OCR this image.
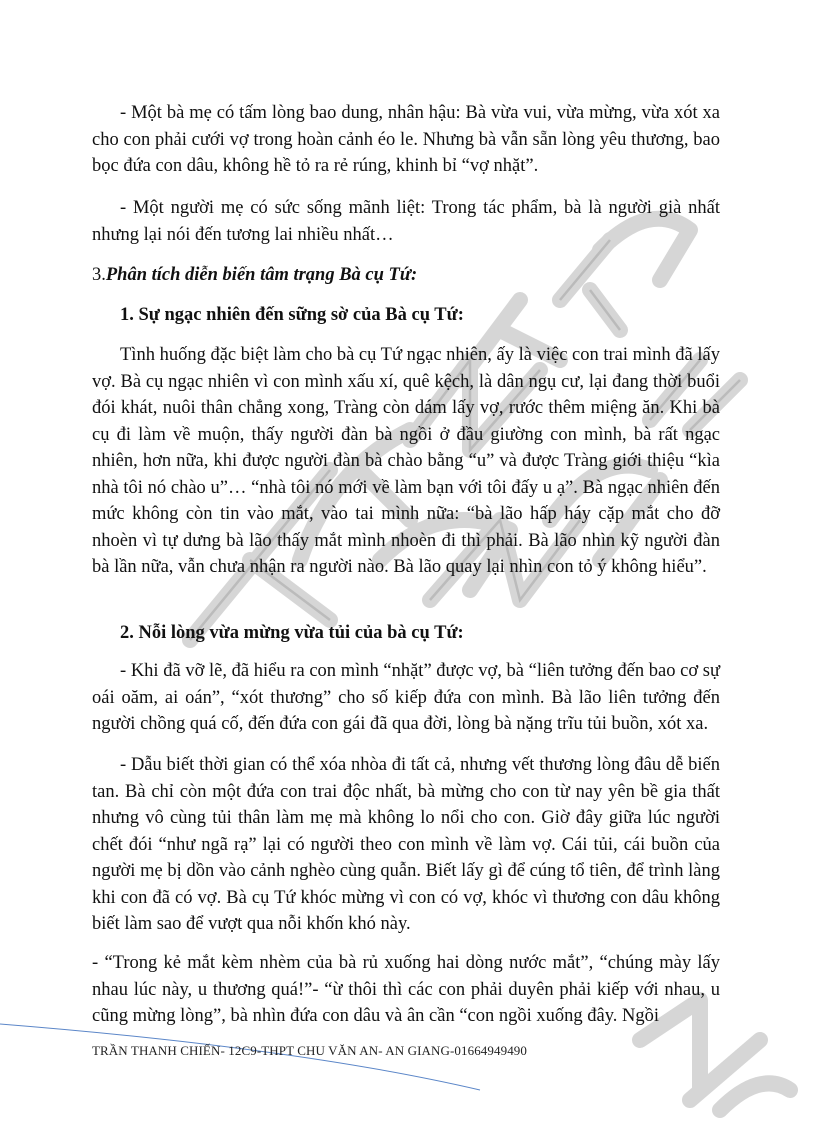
- Một bà mẹ có tấm lòng bao dung, nhân hậu: Bà vừa vui, vừa mừng, vừa xót xa cho con phải cưới vợ trong hoàn cảnh éo le. Nhưng bà vẫn sẵn lòng yêu thương, bao bọc đứa con dâu, không hề tỏ ra rẻ rúng, khinh bỉ “vợ nhặt”.

- Một người mẹ có sức sống mãnh liệt: Trong tác phẩm, bà là người già nhất nhưng lại nói đến tương lai nhiều nhất…

3.Phân tích diễn biến tâm trạng Bà cụ Tứ:

1. Sự ngạc nhiên đến sững sờ của Bà cụ Tứ:

Tình huống đặc biệt làm cho bà cụ Tứ ngạc nhiên, ấy là việc con trai mình đã lấy vợ. Bà cụ ngạc nhiên vì con mình xấu xí, quê kệch, là dân ngụ cư, lại đang thời buổi đói khát, nuôi thân chẳng xong, Tràng còn dám lấy vợ, rước thêm miệng ăn. Khi bà cụ đi làm về muộn, thấy người đàn bà ngồi ở đầu giường con mình, bà rất ngạc nhiên, hơn nữa, khi được người đàn bà chào bằng “u” và được Tràng giới thiệu “kìa nhà tôi nó chào u”… “nhà tôi nó mới về làm bạn với tôi đấy u ạ”. Bà ngạc nhiên đến mức không còn tin vào mắt, vào tai mình nữa: “bà lão hấp háy cặp mắt cho đỡ nhoèn vì tự dưng bà lão thấy mắt mình nhoèn đi thì phải. Bà lão nhìn kỹ người đàn bà lần nữa, vẫn chưa nhận ra người nào. Bà lão quay lại nhìn con tỏ ý không hiểu”.

2. Nỗi lòng vừa mừng vừa tủi của bà cụ Tứ:

- Khi đã vỡ lẽ, đã hiểu ra con mình “nhặt” được vợ, bà “liên tưởng đến bao cơ sự oái oăm, ai oán”, “xót thương” cho số kiếp đứa con mình. Bà lão liên tưởng đến người chồng quá cố, đến đứa con gái đã qua đời, lòng bà nặng trĩu tủi buồn, xót xa.

- Dẫu biết thời gian có thể xóa nhòa đi tất cả, nhưng vết thương lòng đâu dễ biến tan. Bà chỉ còn một đứa con trai độc nhất, bà mừng cho con từ nay yên bề gia thất nhưng vô cùng tủi thân làm mẹ mà không lo nổi cho con. Giờ đây giữa lúc người chết đói “như ngã rạ” lại có người theo con mình về làm vợ. Cái tủi, cái buồn của người mẹ bị dồn vào cảnh nghèo cùng quẫn. Biết lấy gì để cúng tổ tiên, để trình làng khi con đã có vợ. Bà cụ Tứ khóc mừng vì con có vợ, khóc vì thương con dâu không biết làm sao để vượt qua nỗi khốn khó này.

- “Trong kẻ mắt kèm nhèm của bà rủ xuống hai dòng nước mắt”, “chúng mày lấy nhau lúc này, u thương quá!”- “ừ thôi thì các con phải duyên phải kiếp với nhau, u cũng mừng lòng”, bà nhìn đứa con dâu và ân cần “con ngồi xuống đây. Ngồi

TRẦN THANH CHIẾN- 12C9-THPT CHU VĂN AN- AN GIANG-01664949490
